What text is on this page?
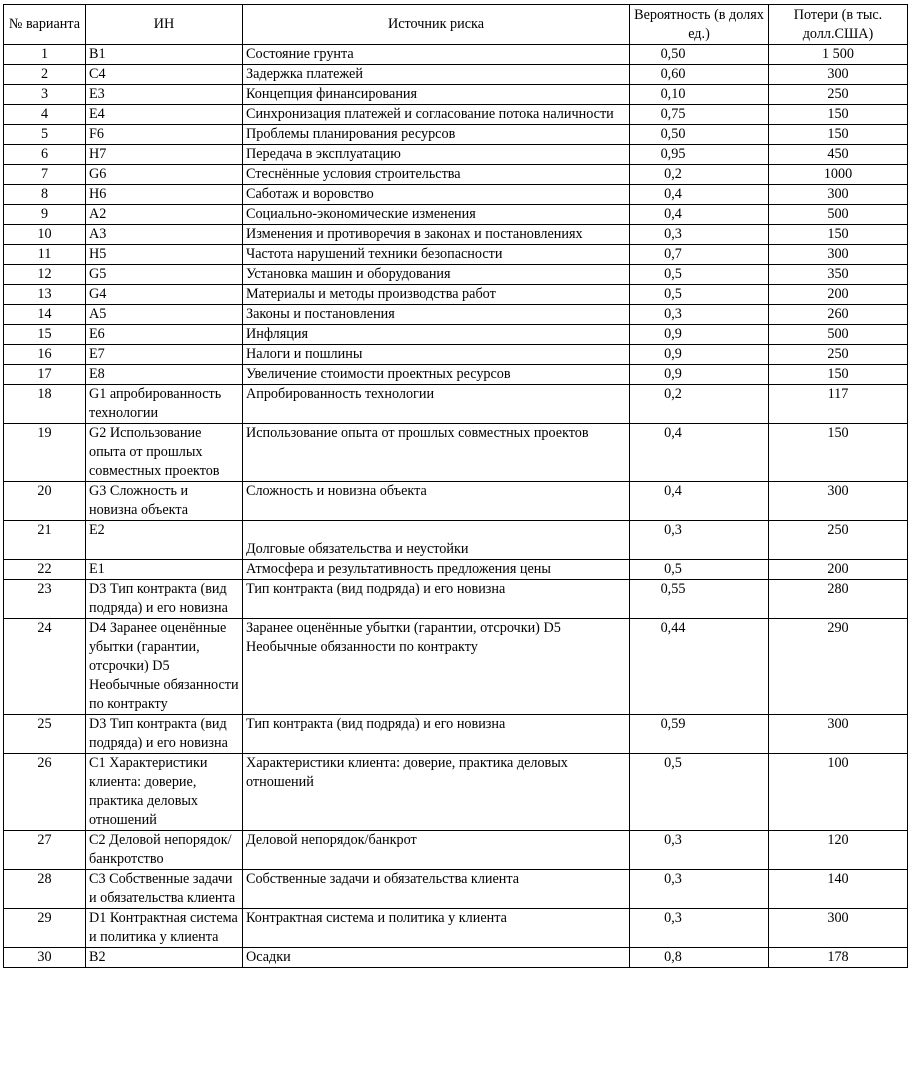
№ варианта	ИН	Источник риска	Вероятность (в долях ед.)	Потери (в тыс. долл.США)
1	B1	Состояние грунта	0,50	1 500
2	C4	Задержка платежей	0,60	300
3	E3	Концепция финансирования	0,10	250
4	E4	Синхронизация платежей и согласование потока наличности	0,75	150
5	F6	Проблемы планирования ресурсов	0,50	150
6	H7	Передача в эксплуатацию	0,95	450
7	G6	Стеснённые условия строительства	0,2	1000
8	H6	Саботаж и воровство	0,4	300
9	A2	Социально-экономические изменения	0,4	500
10	A3	Изменения и противоречия в законах и постановлениях	0,3	150
11	H5	Частота нарушений техники безопасности	0,7	300
12	G5	Установка машин и оборудования	0,5	350
13	G4	Материалы и методы производства работ	0,5	200
14	A5	Законы и постановления	0,3	260
15	E6	Инфляция	0,9	500
16	E7	Налоги и пошлины	0,9	250
17	E8	Увеличение стоимости проектных ресурсов	0,9	150
18	G1 апробированность технологии	Апробированность технологии	0,2	117
19	G2 Использование опыта от прошлых совместных проектов	Использование опыта от прошлых совместных проектов	0,4	150
20	G3 Сложность и новизна объекта	Сложность и новизна объекта	0,4	300
21	E2	Долговые обязательства и неустойки	0,3	250
22	E1	Атмосфера и результативность предложения цены	0,5	200
23	D3 Тип контракта (вид подряда) и его новизна	Тип контракта (вид подряда) и его новизна	0,55	280
24	D4 Заранее оценённые убытки (гарантии, отсрочки) D5 Необычные обязанности по контракту	Заранее оценённые убытки (гарантии, отсрочки) D5 Необычные обязанности по контракту	0,44	290
25	D3 Тип контракта (вид подряда) и его новизна	Тип контракта (вид подряда) и его новизна	0,59	300
26	C1 Характеристики клиента: доверие, практика деловых отношений	Характеристики клиента: доверие, практика деловых отношений	0,5	100
27	C2 Деловой непорядок/банкротство	Деловой непорядок/банкрот	0,3	120
28	C3 Собственные задачи и обязательства клиента	Собственные задачи и обязательства клиента	0,3	140
29	D1 Контрактная система и политика у клиента	Контрактная система и политика у клиента	0,3	300
30	B2	Осадки	0,8	178
